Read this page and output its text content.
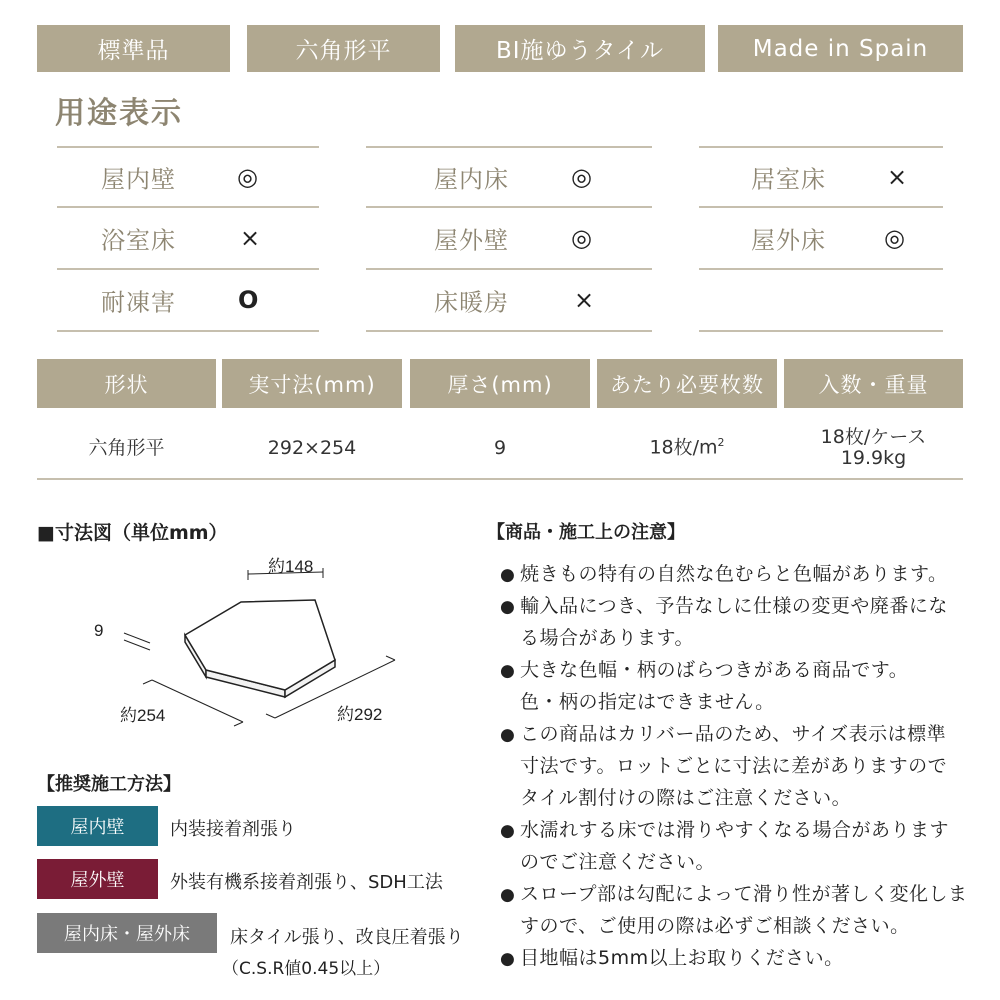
標準品	六角形平	BI施ゆうタイル	Made in Spain
用途表示
屋内壁	◎
浴室床	×
耐凍害	O
屋内床	◎
屋外壁	◎
床暖房	×
居室床	×
屋外床 ◎
形状	実寸法(mm)	厚さ(mm)	あたり必要枚数	入数・重量
六角形平	292×254	9	18枚$/m^2$	18枚/ケース
19.9kg
■寸法図（単位mm）
9
約148
約254	約292
【推奨施工方法】
屋内壁	内装接着剤張り
屋外壁	外装有機系接着剤張り、SDH工法
屋内床・屋外床	床タイル張り、改良圧着張り
（C.S.R値0.45以上）
【商品・施工上の注意】
● 焼きもの特有の自然な色むらと色幅があります。
● 輸入品につき、予告なしに仕様の変更や廃番にな
る場合があります。
● 大きな色幅・柄のばらつきがある商品です。
色・柄の指定はできません。
● この商品はカリバー品のため、サイズ表示は標準
寸法です。ロットごとに寸法に差がありますので
タイル割付けの際はご注意ください。
● 水濡れする床では滑りやすくなる場合があります
のでご注意ください。
● スロープ部は勾配によって滑り性が著しく変化しま
すので、ご使用の際は必ずご相談ください。
● 目地幅は5mm以上お取りください。
